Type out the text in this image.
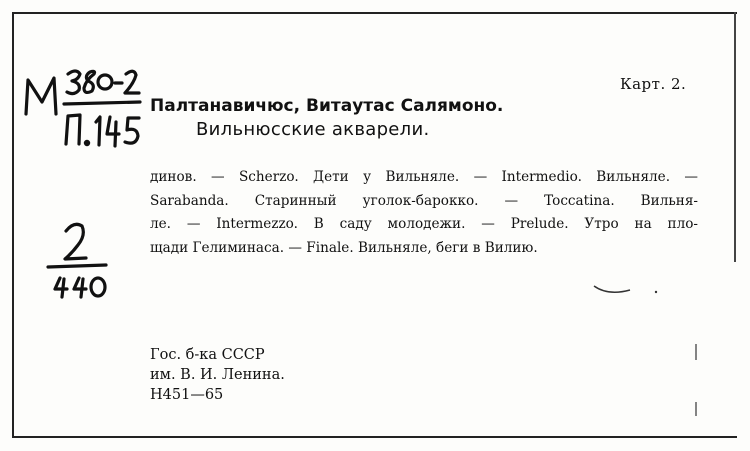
Карт. 2.
Палтанавичюс, Витаутас Салямоно.
Вильнюсские акварели.
динов. — Scherzo. Дети у Вильняле. — Intermedio. Вильняле. —
Sarabanda. Старинный уголок-барокко. — Toccatina. Вильня-
ле. — Intermezzo. В саду молодежи. — Prelude. Утро на пло-
щади Гелиминаса. — Finale. Вильняле, беги в Вилию.
Гос. б-ка СССР
им. В. И. Ленина.
Н451—65
